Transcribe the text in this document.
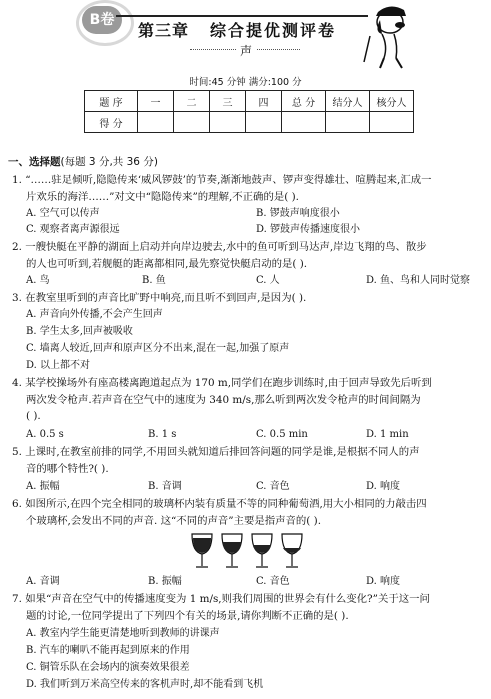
B卷
第三章 综合提优测评卷
声
时间:45 分钟 满分:100 分
题 序	一	二	三	四	总 分	结分人	核分人
得 分							
一、选择题(每题 3 分,共 36 分)
1. “……驻足倾听,隐隐传来‘威风锣鼓’的节奏,渐渐地鼓声、锣声变得雄壮、喧腾起来,汇成一
片欢乐的海洋……”对文中“隐隐传来”的理解,不正确的是( ).
A. 空气可以传声	B. 锣鼓声响度很小
C. 观察者离声源很远	D. 锣鼓声传播速度很小
2. 一艘快艇在平静的湖面上启动并向岸边驶去,水中的鱼可听到马达声,岸边飞翔的鸟、散步
的人也可听到,若舰艇的距离都相同,最先察觉快艇启动的是( ).
A. 鸟	B. 鱼	C. 人	D. 鱼、鸟和人同时觉察
3. 在教室里听到的声音比旷野中响亮,而且听不到回声,是因为( ).
A. 声音向外传播,不会产生回声
B. 学生太多,回声被吸收
C. 墙离人较近,回声和原声区分不出来,混在一起,加强了原声
D. 以上都不对
4. 某学校操场外有座高楼离跑道起点为 170 m,同学们在跑步训练时,由于回声导致先后听到
两次发令枪声.若声音在空气中的速度为 340 m/s,那么听到两次发令枪声的时间间隔为
( ).
A. 0.5 s	B. 1 s	C. 0.5 min	D. 1 min
5. 上课时,在教室前排的同学,不用回头就知道后排回答问题的同学是谁,是根据不同人的声
音的哪个特性?( ).
A. 振幅	B. 音调	C. 音色	D. 响度
6. 如图所示,在四个完全相同的玻璃杯内装有质量不等的同种葡萄酒,用大小相同的力敲击四
个玻璃杯,会发出不同的声音. 这“不同的声音”主要是指声音的( ).
A. 音调	B. 振幅	C. 音色	D. 响度
7. 如果“声音在空气中的传播速度变为 1 m/s,则我们周围的世界会有什么变化?”关于这一问
题的讨论,一位同学提出了下列四个有关的场景,请你判断不正确的是( ).
A. 教室内学生能更清楚地听到教师的讲课声
B. 汽车的喇叭不能再起到原来的作用
C. 铜管乐队在会场内的演奏效果很差
D. 我们听到万米高空传来的客机声时,却不能看到飞机
